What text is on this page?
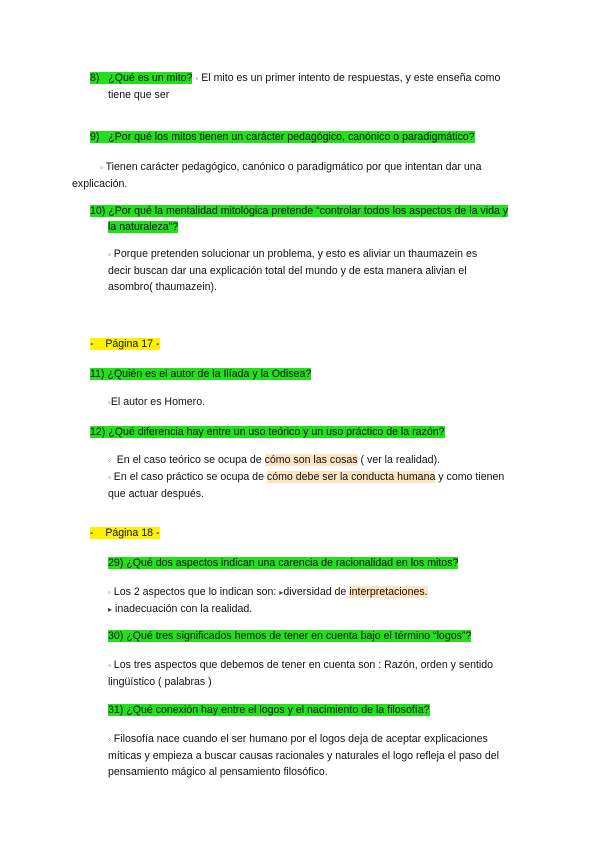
8) ¿Qué es un mito? ◦ El mito es un primer intento de respuestas, y este enseña como
tiene que ser
9) ¿Por qué los mitos tienen un carácter pedagógico, canónico o paradigmático?
◦ Tienen carácter pedagógico, canónico o paradigmático por que intentan dar una
explicación.
10) ¿Por qué la mentalidad mitológica pretende “controlar todos los aspectos de la vida y
la naturaleza”?
◦ Porque pretenden solucionar un problema, y esto es aliviar un thaumazein es
decir buscan dar una explicación total del mundo y de esta manera alivian el
asombro( thaumazein).
- Página 17 -
11) ¿Quién es el autor de la Ilíada y la Odisea?
◦El autor es Homero.
12) ¿Qué diferencia hay entre un uso teórico y un uso práctico de la razón?
◦ En el caso teórico se ocupa de cómo son las cosas ( ver la realidad).
◦ En el caso práctico se ocupa de cómo debe ser la conducta humana y como tienen
que actuar después.
- Página 18 -
29) ¿Qué dos aspectos indican una carencia de racionalidad en los mitos?
◦ Los 2 aspectos que lo indican son: ▸diversidad de interpretaciones.
▸ inadecuación con la realidad.
30) ¿Qué tres significados hemos de tener en cuenta bajo el término “logos”?
◦ Los tres aspectos que debemos de tener en cuenta son : Razón, orden y sentido
lingüístico ( palabras )
31) ¿Qué conexión hay entre el logos y el nacimiento de la filosofía?
◦ Filosofía nace cuando el ser humano por el logos deja de aceptar explicaciones
míticas y empieza a buscar causas racionales y naturales el logo refleja el paso del
pensamiento mágico al pensamiento filosófico.
